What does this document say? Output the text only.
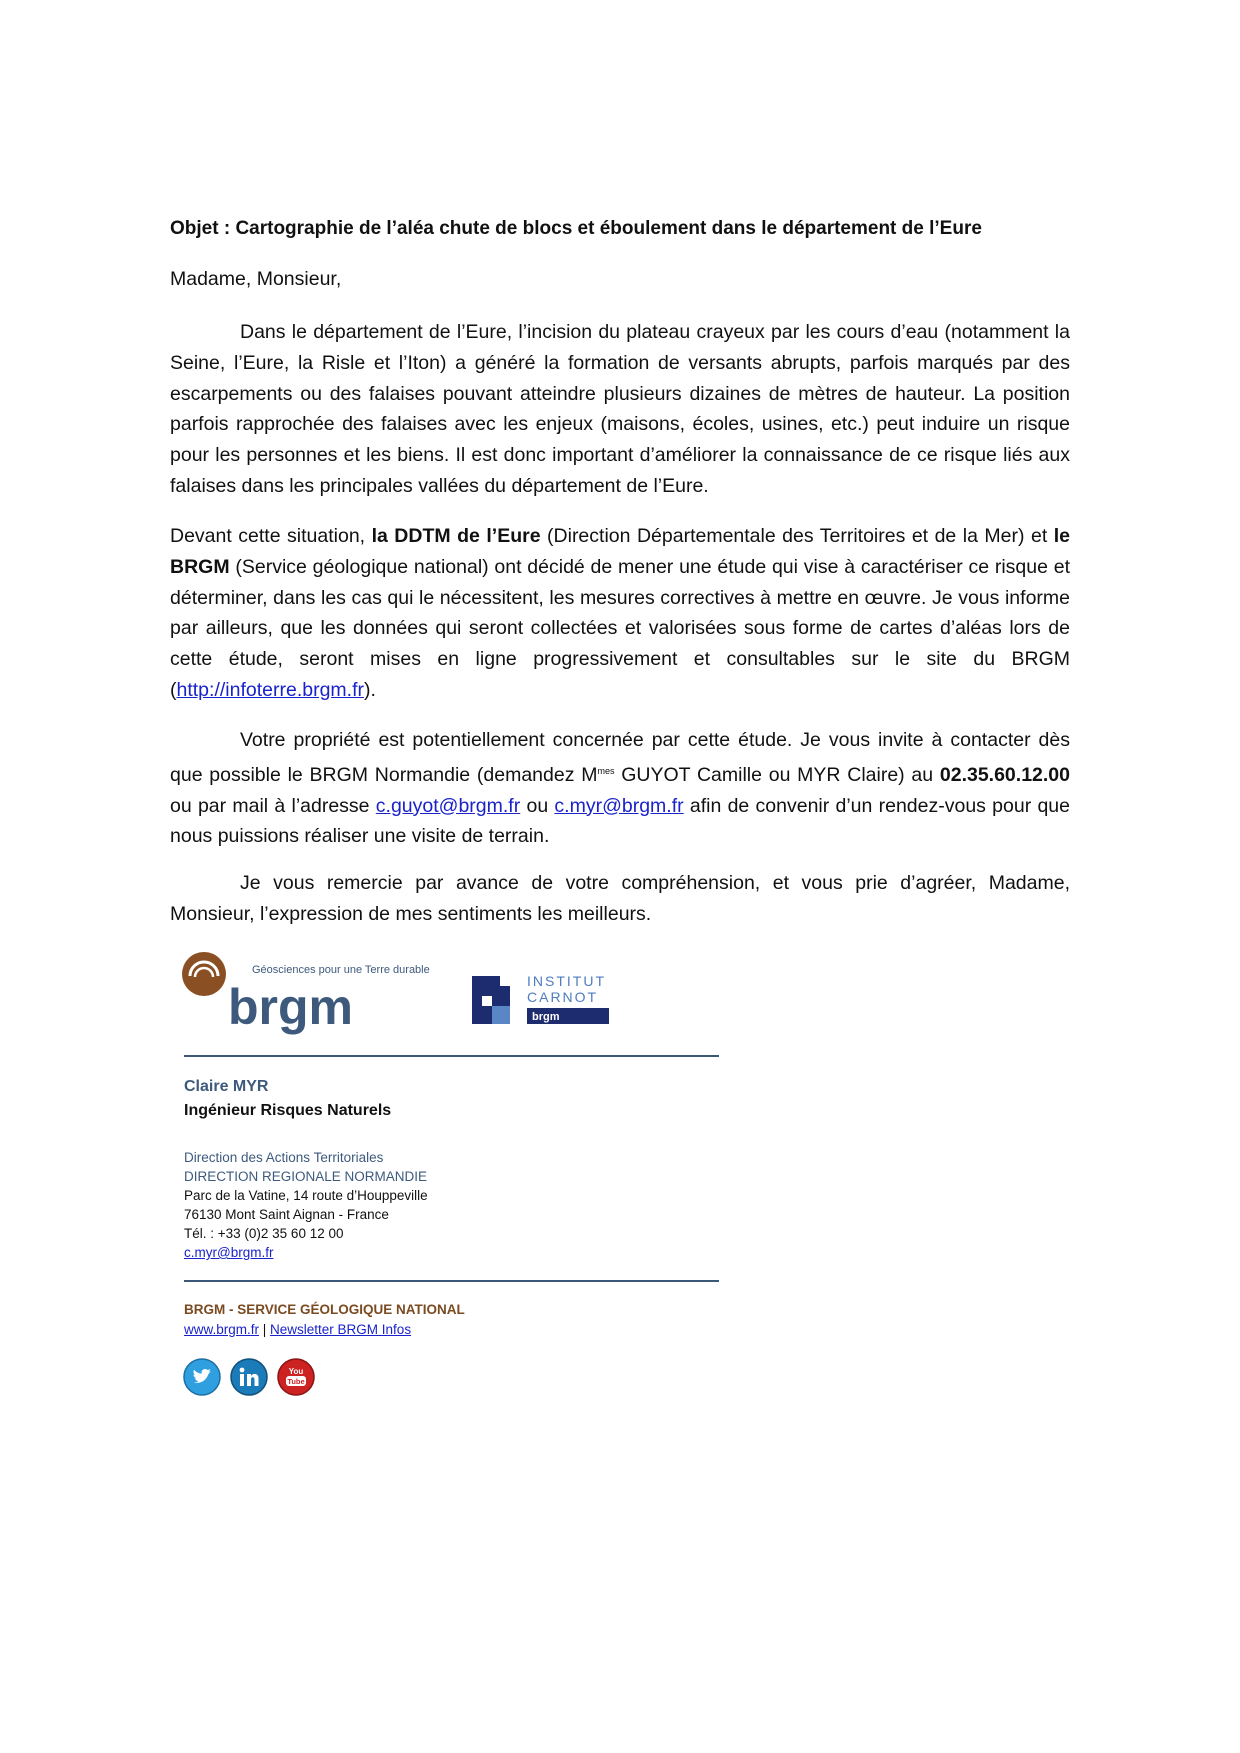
Objet : Cartographie de l’aléa chute de blocs et éboulement dans le département de l’Eure
Madame, Monsieur,

Dans le département de l’Eure, l’incision du plateau crayeux par les cours d’eau (notamment la Seine, l’Eure, la Risle et l’Iton) a généré la formation de versants abrupts, parfois marqués par des escarpements ou des falaises pouvant atteindre plusieurs dizaines de mètres de hauteur. La position parfois rapprochée des falaises avec les enjeux (maisons, écoles, usines, etc.) peut induire un risque pour les personnes et les biens. Il est donc important d’améliorer la connaissance de ce risque liés aux falaises dans les principales vallées du département de l’Eure.

Devant cette situation, la DDTM de l’Eure (Direction Départementale des Territoires et de la Mer) et le BRGM (Service géologique national) ont décidé de mener une étude qui vise à caractériser ce risque et déterminer, dans les cas qui le nécessitent, les mesures correctives à mettre en œuvre. Je vous informe par ailleurs, que les données qui seront collectées et valorisées sous forme de cartes d’aléas lors de cette étude, seront mises en ligne progressivement et consultables sur le site du BRGM (http://infoterre.brgm.fr).

Votre propriété est potentiellement concernée par cette étude. Je vous invite à contacter dès que possible le BRGM Normandie (demandez $M^{mes}$ GUYOT Camille ou MYR Claire) au 02.35.60.12.00 ou par mail à l’adresse c.guyot@brgm.fr ou c.myr@brgm.fr afin de convenir d’un rendez-vous pour que nous puissions réaliser une visite de terrain.

Je vous remercie par avance de votre compréhension, et vous prie d’agréer, Madame, Monsieur, l’expression de mes sentiments les meilleurs.

Géosciences pour une Terre durable
brgm	INSTITUT
CARNOT
brgm
Claire MYR
Ingénieur Risques Naturels
Direction des Actions Territoriales
DIRECTION REGIONALE NORMANDIE
Parc de la Vatine, 14 route d’Houppeville
76130 Mont Saint Aignan - France
Tél. : +33 (0)2 35 60 12 00
c.myr@brgm.fr
BRGM - SERVICE GÉOLOGIQUE NATIONAL
www.brgm.fr | Newsletter BRGM Infos
You
Tube
